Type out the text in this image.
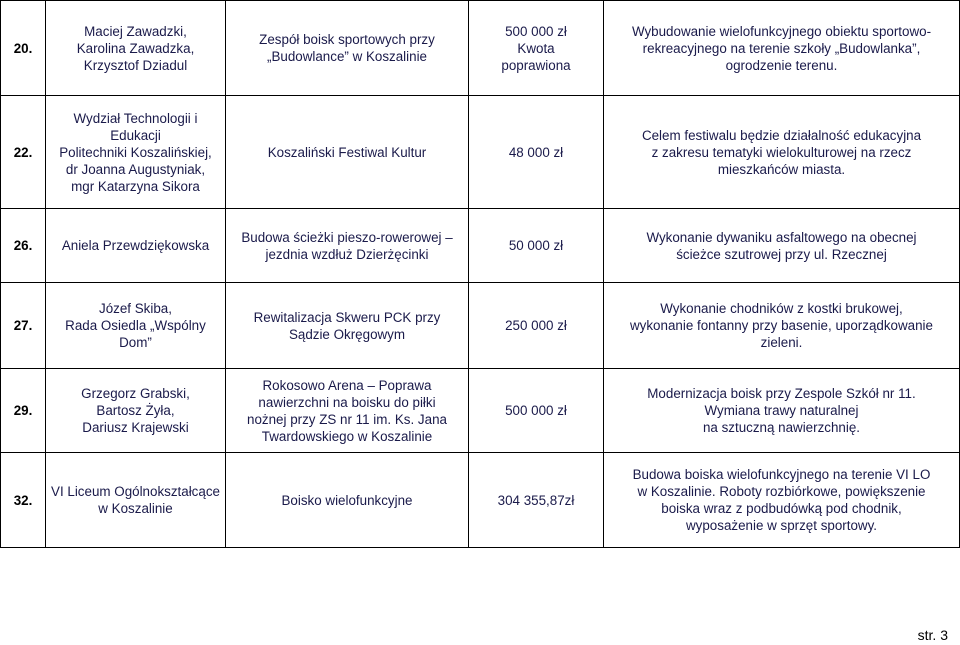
20.	Maciej Zawadzki,
Karolina Zawadzka,
Krzysztof Dziadul	Zespół boisk sportowych przy
„Budowlance” w Koszalinie	500 000 zł
Kwota
poprawiona	Wybudowanie wielofunkcyjnego obiektu sportowo-
rekreacyjnego na terenie szkoły „Budowlanka”,
ogrodzenie terenu.
22.	Wydział Technologii i Edukacji
Politechniki Koszalińskiej,
dr Joanna Augustyniak,
mgr Katarzyna Sikora	Koszaliński Festiwal Kultur	48 000 zł	Celem festiwalu będzie działalność edukacyjna
z zakresu tematyki wielokulturowej na rzecz
mieszkańców miasta.
26.	Aniela Przewdziękowska	Budowa ścieżki pieszo-rowerowej –
jezdnia wzdłuż Dzierżęcinki	50 000 zł	Wykonanie dywaniku asfaltowego na obecnej
ścieżce szutrowej przy ul. Rzecznej
27.	Józef Skiba,
Rada Osiedla „Wspólny Dom”	Rewitalizacja Skweru PCK przy
Sądzie Okręgowym	250 000 zł	Wykonanie chodników z kostki brukowej,
wykonanie fontanny przy basenie, uporządkowanie
zieleni.
29.	Grzegorz Grabski,
Bartosz Żyła,
Dariusz Krajewski	Rokosowo Arena – Poprawa
nawierzchni na boisku do piłki
nożnej przy ZS nr 11 im. Ks. Jana
Twardowskiego w Koszalinie	500 000 zł	Modernizacja boisk przy Zespole Szkół nr 11.
Wymiana trawy naturalnej
na sztuczną nawierzchnię.
32.	VI Liceum Ogólnokształcące
w Koszalinie	Boisko wielofunkcyjne	304 355,87zł	Budowa boiska wielofunkcyjnego na terenie VI LO
w Koszalinie. Roboty rozbiórkowe, powiększenie
boiska wraz z podbudówką pod chodnik,
wyposażenie w sprzęt sportowy.
str. 3
